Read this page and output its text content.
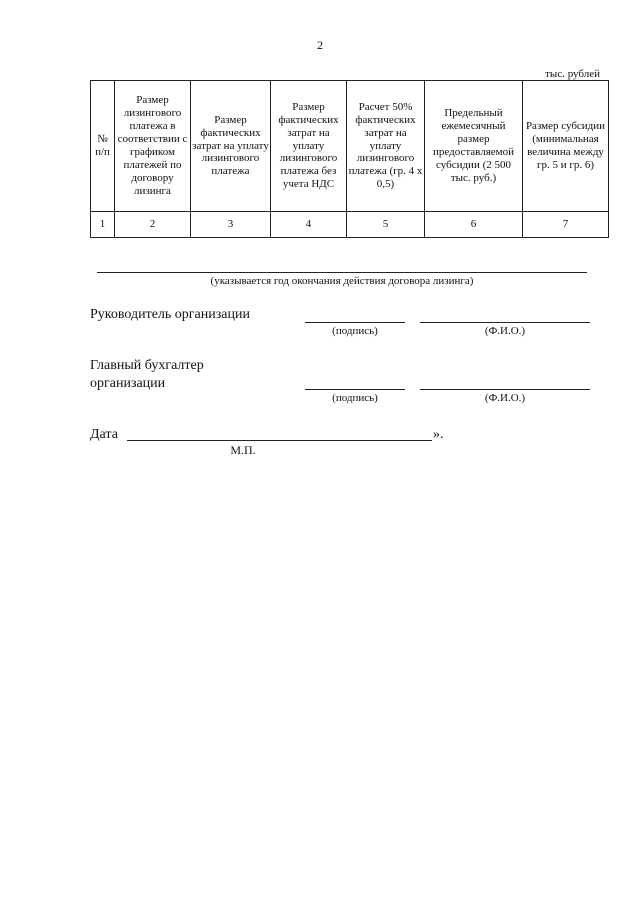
2
тыс. рублей
№ п/п	Размер лизингового платежа в соответствии с графиком платежей по договору лизинга	Размер фактических затрат на уплату лизингового платежа	Размер фактических затрат на уплату лизингового платежа без учета НДС	Расчет 50% фактических затрат на уплату лизингового платежа (гр. 4 х 0,5)	Предельный ежемесячный размер предоставляемой субсидии (2 500 тыс. руб.)	Размер субсидии (минимальная величина между гр. 5 и гр. 6)
1	2	3	4	5	6	7
(указывается год окончания действия договора лизинга)
Руководитель организации
(подпись)	(Ф.И.О.)
Главный бухгалтер
организации
(подпись)	(Ф.И.О.)
Дата	».
М.П.
